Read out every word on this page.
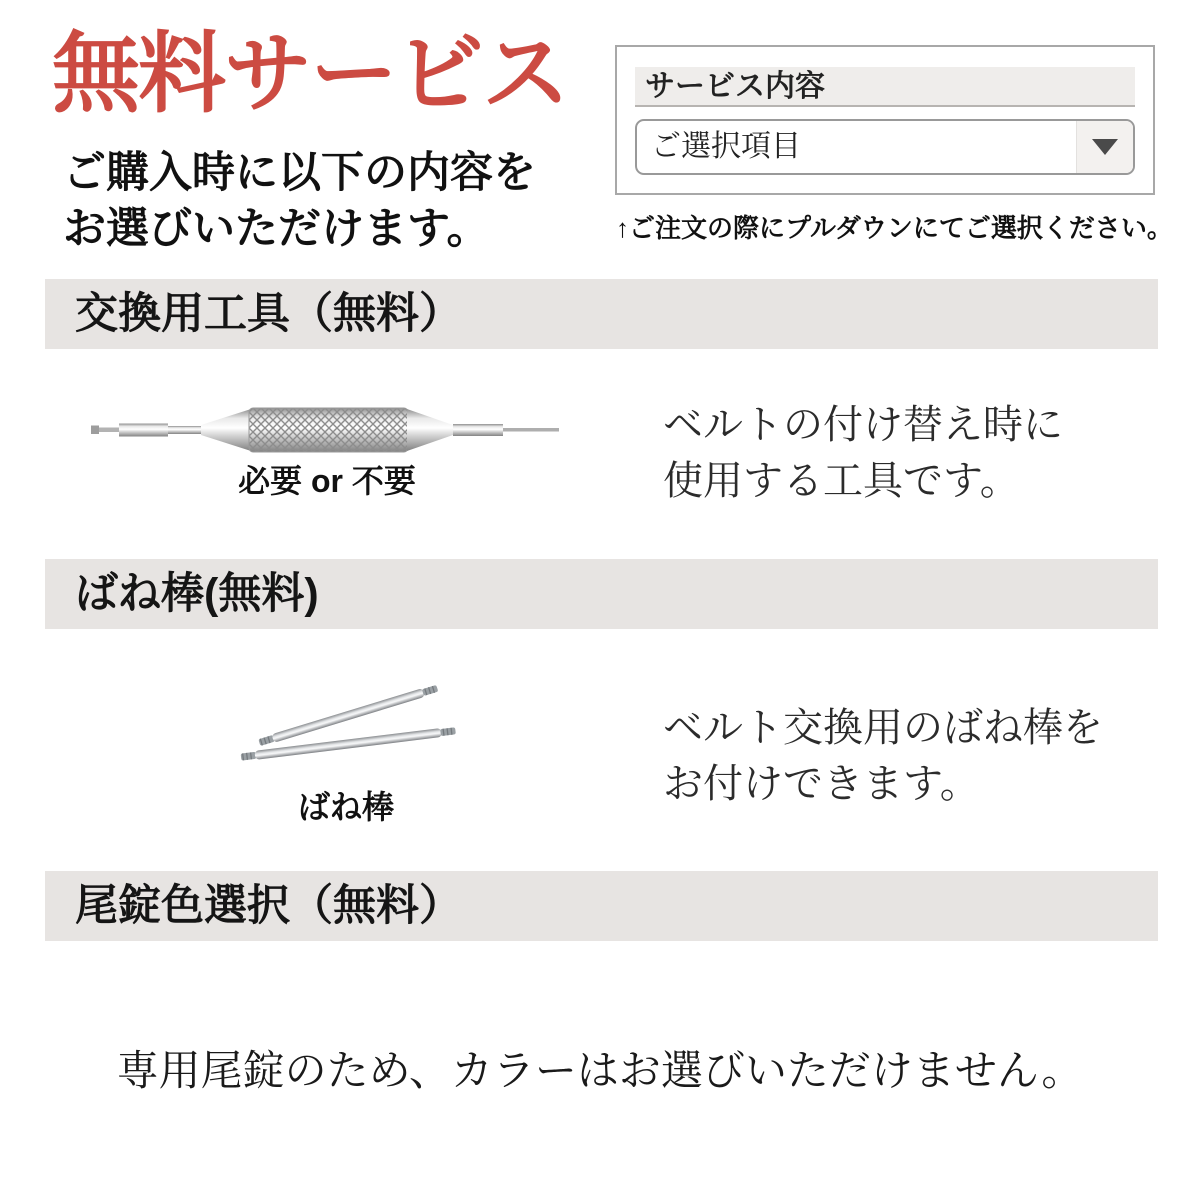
無料サービス
ご購入時に以下の内容を
お選びいただけます。
サービス内容
ご選択項目
↑ご注文の際にプルダウンにてご選択ください。
交換用工具（無料）
必要 or 不要
ベルトの付け替え時に
使用する工具です。
ばね棒(無料)
ばね棒
ベルト交換用のばね棒を
お付けできます。
尾錠色選択（無料）
専用尾錠のため、カラーはお選びいただけません。
